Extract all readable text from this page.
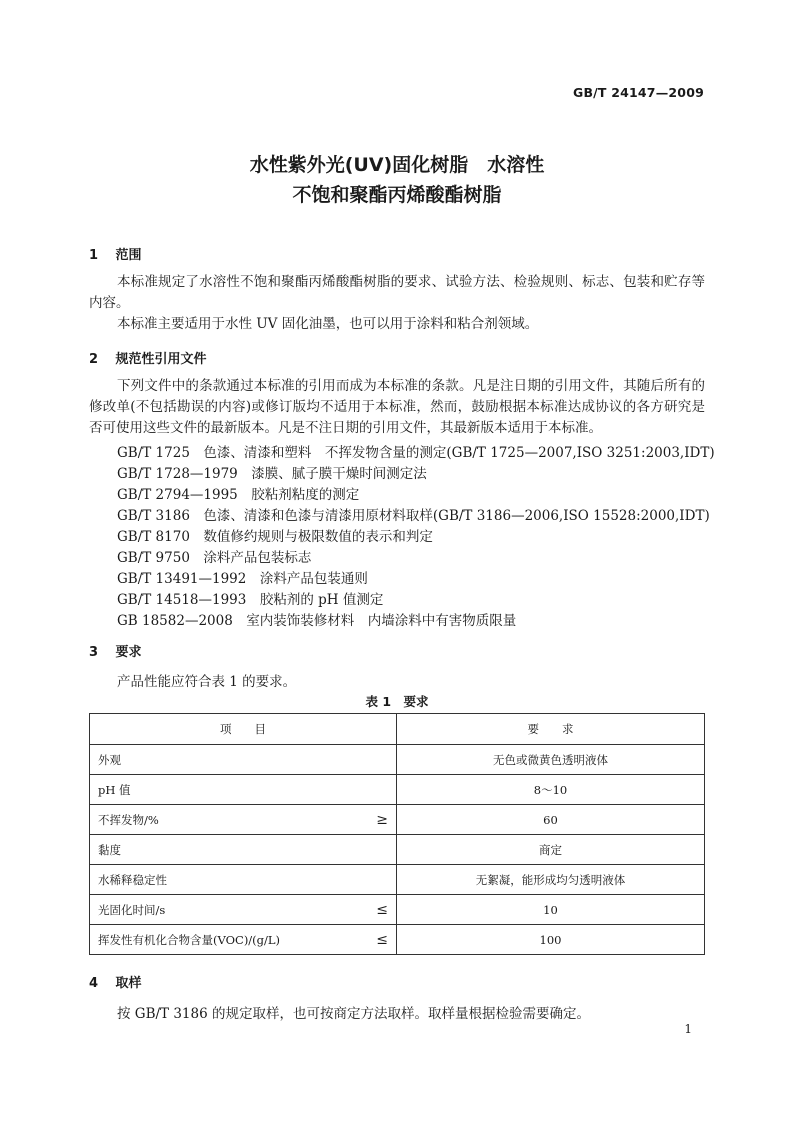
GB/T 24147—2009
水性紫外光(UV)固化树脂　水溶性
不饱和聚酯丙烯酸酯树脂
1 范围
本标准规定了水溶性不饱和聚酯丙烯酸酯树脂的要求、试验方法、检验规则、标志、包装和贮存等内容。
本标准主要适用于水性 UV 固化油墨，也可以用于涂料和粘合剂领域。
2 规范性引用文件
下列文件中的条款通过本标准的引用而成为本标准的条款。凡是注日期的引用文件，其随后所有的修改单(不包括勘误的内容)或修订版均不适用于本标准，然而，鼓励根据本标准达成协议的各方研究是否可使用这些文件的最新版本。凡是不注日期的引用文件，其最新版本适用于本标准。
GB/T 1725　色漆、清漆和塑料　不挥发物含量的测定(GB/T 1725—2007,ISO 3251:2003,IDT)
GB/T 1728—1979　漆膜、腻子膜干燥时间测定法
GB/T 2794—1995　胶粘剂粘度的测定
GB/T 3186　色漆、清漆和色漆与清漆用原材料取样(GB/T 3186—2006,ISO 15528:2000,IDT)
GB/T 8170　数值修约规则与极限数值的表示和判定
GB/T 9750　涂料产品包装标志
GB/T 13491—1992　涂料产品包装通则
GB/T 14518—1993　胶粘剂的 pH 值测定
GB 18582—2008　室内装饰装修材料　内墙涂料中有害物质限量
3 要求
产品性能应符合表 1 的要求。
表 1　要求
项　　目	要　　求
外观	无色或微黄色透明液体
pH 值	8～10
不挥发物/% ≥	60
黏度	商定
水稀释稳定性	无絮凝，能形成均匀透明液体
光固化时间/s ≤	10
挥发性有机化合物含量(VOC)/(g/L) ≤	100
4 取样
按 GB/T 3186 的规定取样，也可按商定方法取样。取样量根据检验需要确定。
1
